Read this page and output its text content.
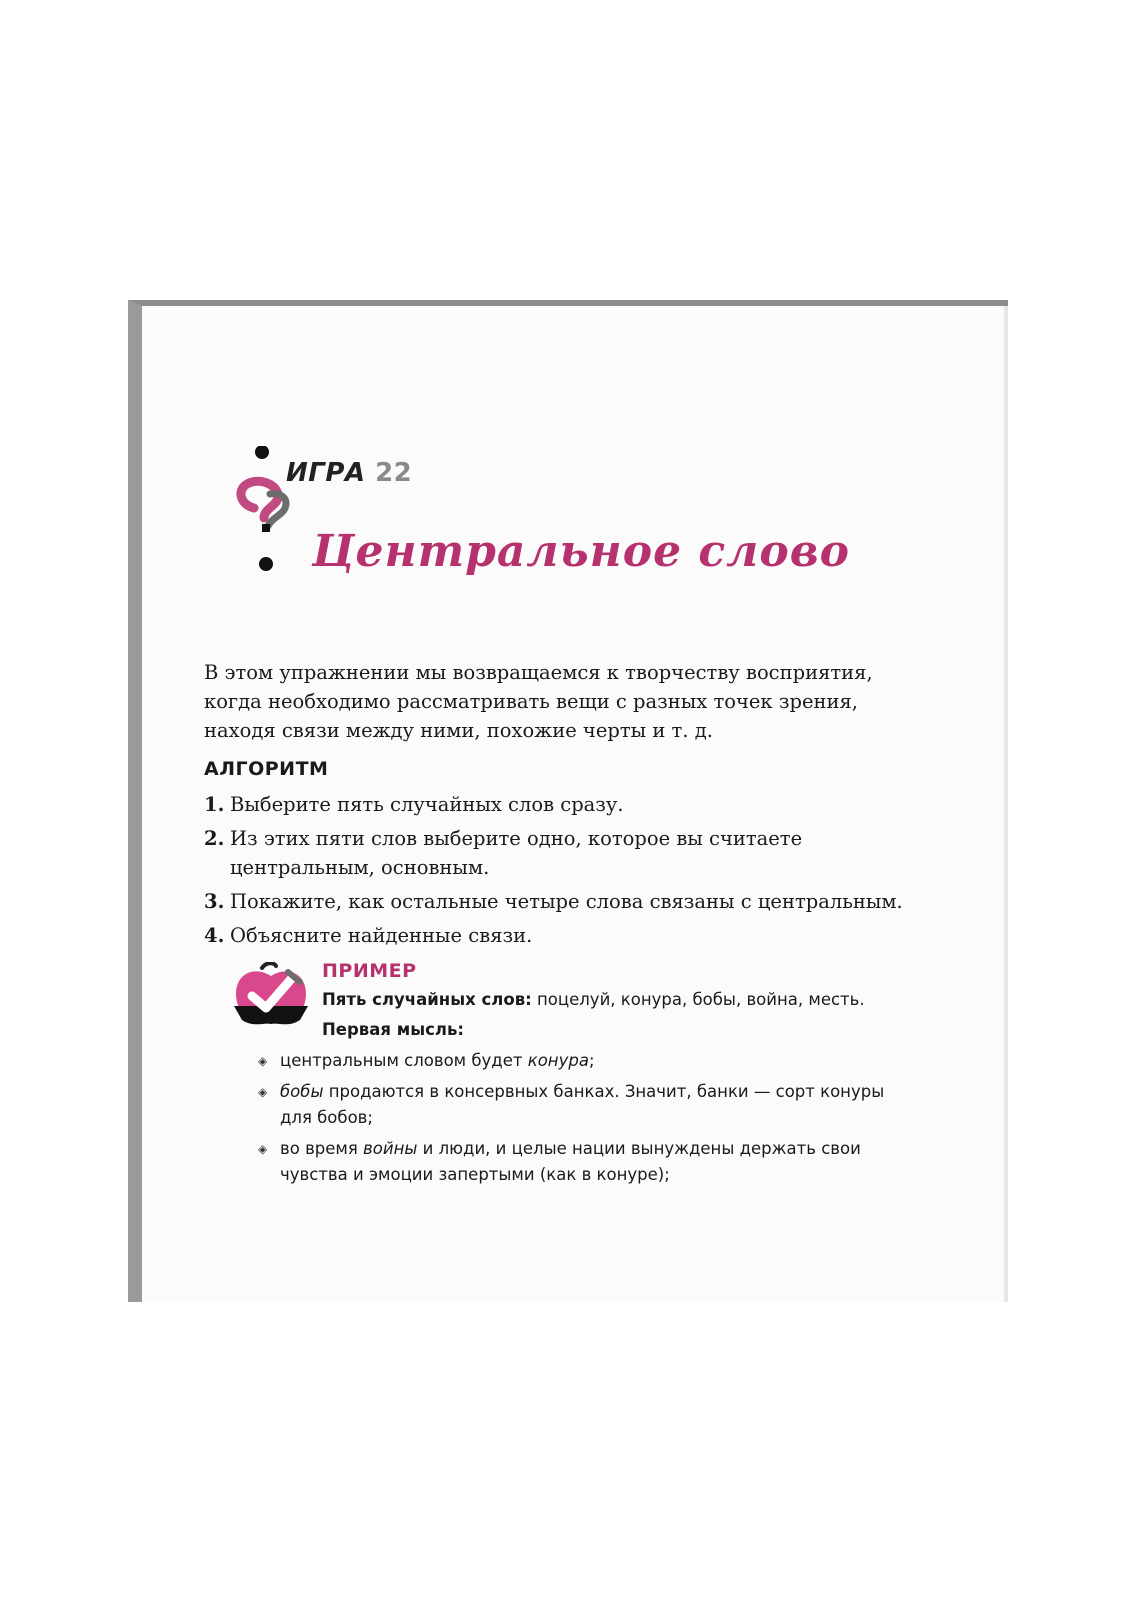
ИГРА 22
Центральное слово

В этом упражнении мы возвращаемся к творчеству восприятия, когда необходимо рассматривать вещи с разных точек зрения, находя связи между ними, похожие черты и т. д.

АЛГОРИТМ
1. Выберите пять случайных слов сразу.
2. Из этих пяти слов выберите одно, которое вы считаете центральным, основным.
3. Покажите, как остальные четыре слова связаны с центральным.
4. Объясните найденные связи.
ПРИМЕР

Пять случайных слов: поцелуй, конура, бобы, война, месть.

Первая мысль:

◈ центральным словом будет конура;
◈ бобы продаются в консервных банках. Значит, банки — сорт конуры для бобов;
◈ во время войны и люди, и целые нации вынуждены держать свои чувства и эмоции запертыми (как в конуре);
